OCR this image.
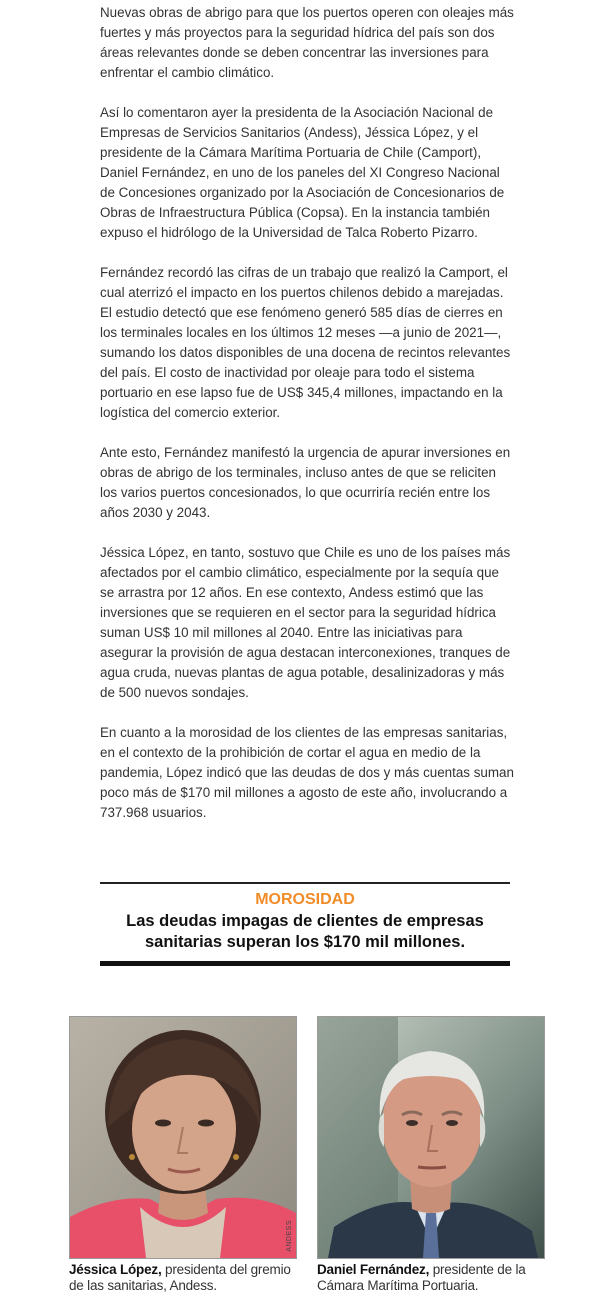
Nuevas obras de abrigo para que los puertos operen con oleajes más fuertes y más proyectos para la seguridad hídrica del país son dos áreas relevantes donde se deben concentrar las inversiones para enfrentar el cambio climático.

Así lo comentaron ayer la presidenta de la Asociación Nacional de Empresas de Servicios Sanitarios (Andess), Jéssica López, y el presidente de la Cámara Marítima Portuaria de Chile (Camport), Daniel Fernández, en uno de los paneles del XI Congreso Nacional de Concesiones organizado por la Asociación de Concesionarios de Obras de Infraestructura Pública (Copsa). En la instancia también expuso el hidrólogo de la Universidad de Talca Roberto Pizarro.

Fernández recordó las cifras de un trabajo que realizó la Camport, el cual aterrizó el impacto en los puertos chilenos debido a marejadas. El estudio detectó que ese fenómeno generó 585 días de cierres en los terminales locales en los últimos 12 meses —a junio de 2021—, sumando los datos disponibles de una docena de recintos relevantes del país. El costo de inactividad por oleaje para todo el sistema portuario en ese lapso fue de US$ 345,4 millones, impactando en la logística del comercio exterior.

Ante esto, Fernández manifestó la urgencia de apurar inversiones en obras de abrigo de los terminales, incluso antes de que se reliciten los varios puertos concesionados, lo que ocurriría recién entre los años 2030 y 2043.

Jéssica López, en tanto, sostuvo que Chile es uno de los países más afectados por el cambio climático, especialmente por la sequía que se arrastra por 12 años. En ese contexto, Andess estimó que las inversiones que se requieren en el sector para la seguridad hídrica suman US$ 10 mil millones al 2040. Entre las iniciativas para asegurar la provisión de agua destacan interconexiones, tranques de agua cruda, nuevas plantas de agua potable, desalinizadoras y más de 500 nuevos sondajes.

En cuanto a la morosidad de los clientes de las empresas sanitarias, en el contexto de la prohibición de cortar el agua en medio de la pandemia, López indicó que las deudas de dos y más cuentas suman poco más de $170 mil millones a agosto de este año, involucrando a 737.968 usuarios.

MOROSIDAD
Las deudas impagas de clientes de empresas sanitarias superan los $170 mil millones.
ANDESS
Jéssica López, presidenta del gremio de las sanitarias, Andess.
Daniel Fernández, presidente de la Cámara Marítima Portuaria.
